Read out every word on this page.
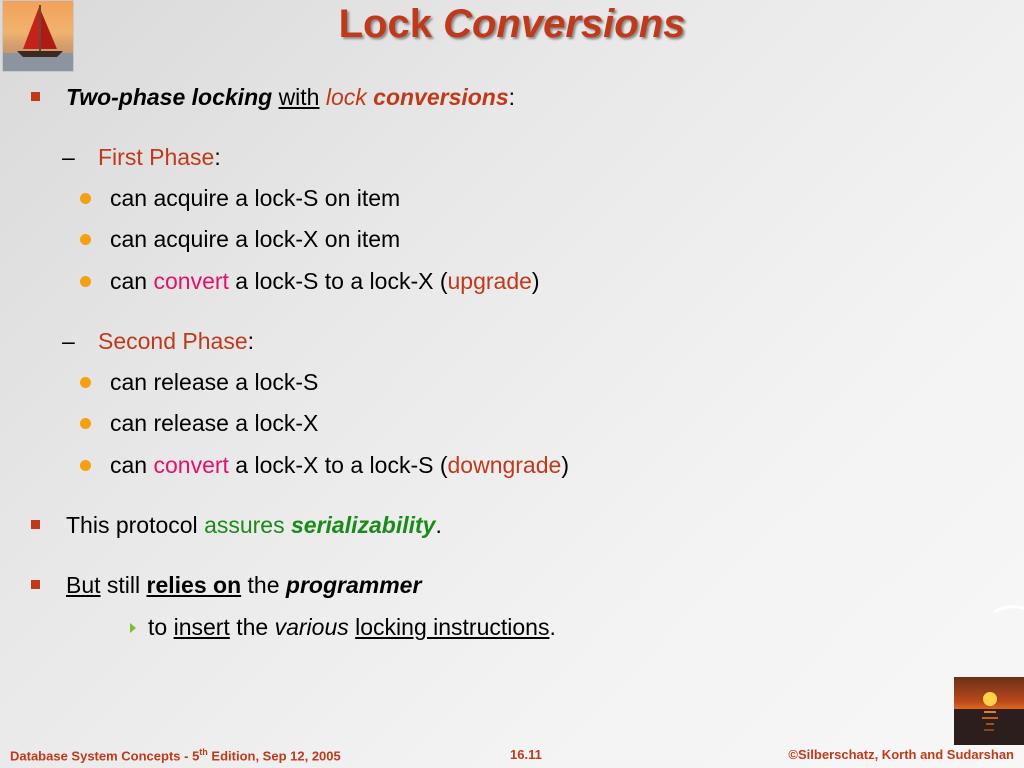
Lock Conversions
Two-phase locking with lock conversions:
– First Phase:
can acquire a lock-S on item
can acquire a lock-X on item
can convert a lock-S to a lock-X (upgrade)
– Second Phase:
can release a lock-S
can release a lock-X
can convert a lock-X to a lock-S (downgrade)
This protocol assures serializability.
But still relies on the programmer
to insert the various locking instructions.
Database System Concepts - 5th Edition, Sep 12, 2005	16.11	©Silberschatz, Korth and Sudarshan
